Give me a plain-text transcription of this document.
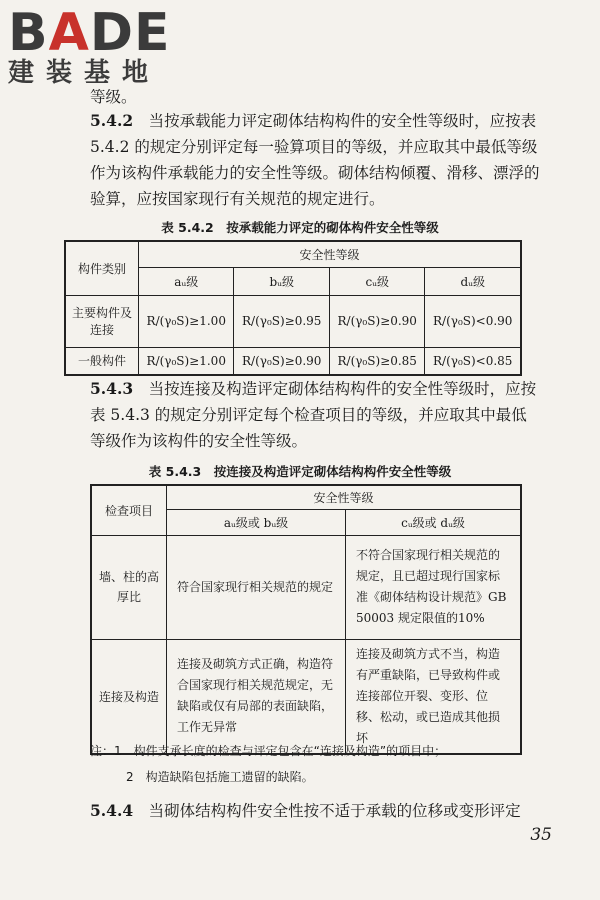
BADE
建装基地
等级。
5.4.2　 当按承载能力评定砌体结构构件的安全性等级时，应按表 5.4.2 的规定分别评定每一验算项目的等级，并应取其中最低等级作为该构件承载能力的安全性等级。砌体结构倾覆、滑移、漂浮的验算，应按国家现行有关规范的规定进行。
表 5.4.2　按承载能力评定的砌体构件安全性等级
构件类别	安全性等级			
	aᵤ级	bᵤ级	cᵤ级	dᵤ级
主要构件及连接	R/(γ₀S)≥1.00	R/(γ₀S)≥0.95	R/(γ₀S)≥0.90	R/(γ₀S)<0.90
一般构件	R/(γ₀S)≥1.00	R/(γ₀S)≥0.90	R/(γ₀S)≥0.85	R/(γ₀S)<0.85
5.4.3　 当按连接及构造评定砌体结构构件的安全性等级时，应按表 5.4.3 的规定分别评定每个检查项目的等级，并应取其中最低等级作为该构件的安全性等级。
表 5.4.3　按连接及构造评定砌体结构构件安全性等级
检查项目	安全性等级	
	aᵤ级或 bᵤ级	cᵤ级或 dᵤ级
墙、柱的高厚比	符合国家现行相关规范的规定	不符合国家现行相关规范的规定，且已超过现行国家标准《砌体结构设计规范》GB 50003 规定限值的10%
连接及构造	连接及砌筑方式正确，构造符合国家现行相关规范规定，无缺陷或仅有局部的表面缺陷，工作无异常	连接及砌筑方式不当，构造有严重缺陷，已导致构件或连接部位开裂、变形、位移、松动，或已造成其他损坏
注：1　构件支承长度的检查与评定包含在“连接及构造”的项目中；
2　构造缺陷包括施工遗留的缺陷。
5.4.4　 当砌体结构构件安全性按不适于承载的位移或变形评定
35
